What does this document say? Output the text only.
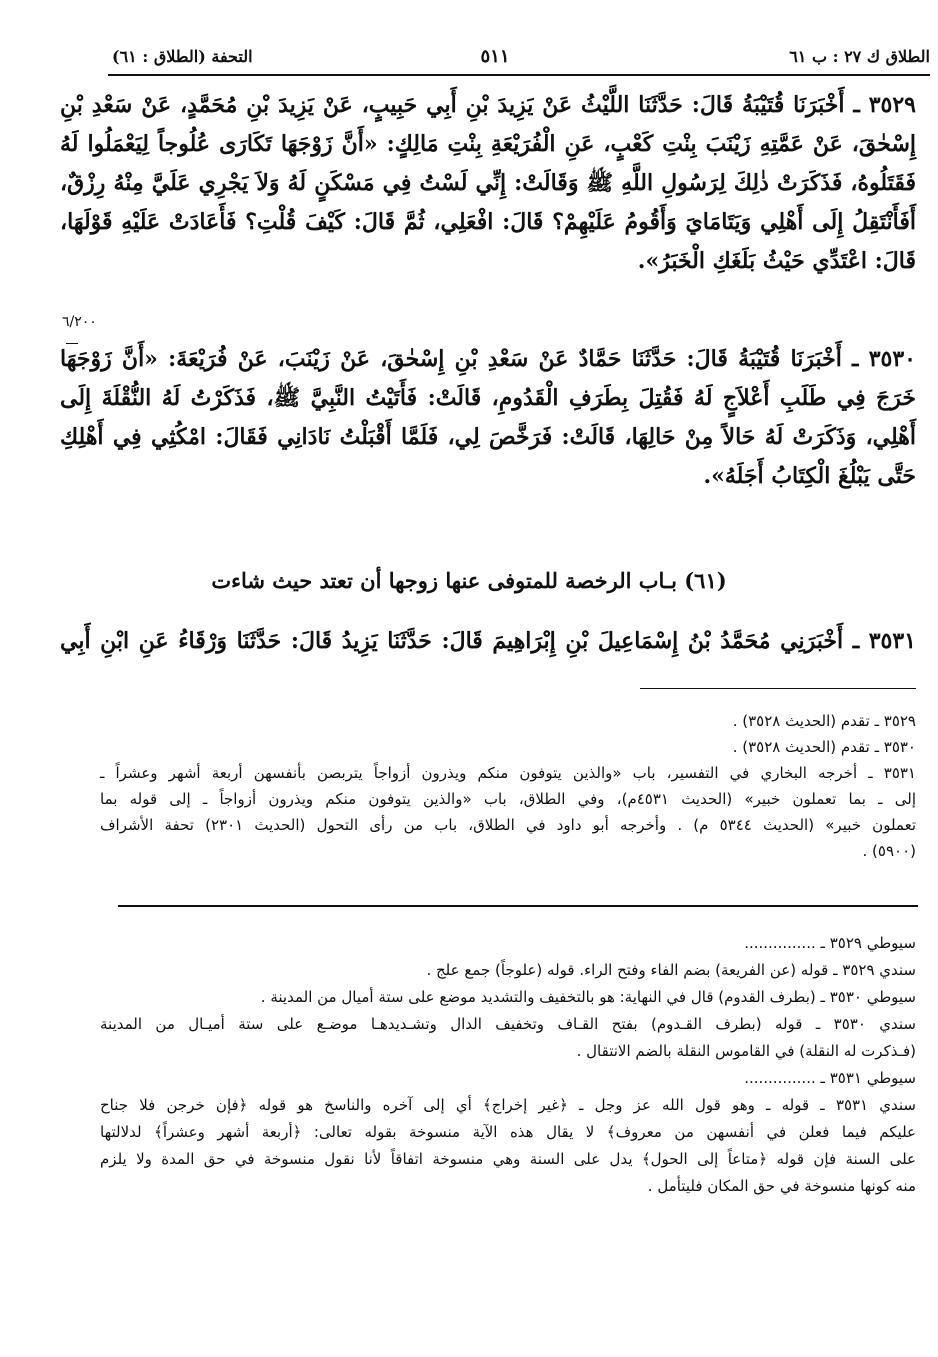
الطلاق ك ٢٧ : ب ٦١
٥١١
التحفة (الطلاق : ٦١)
٦/٢٠٠
٣٥٢٩ ـ أَخْبَرَنَا قُتَيْبَةُ قَالَ: حَدَّثَنَا اللَّيْثُ عَنْ يَزِيدَ بْنِ أَبِي حَبِيبٍ، عَنْ يَزِيدَ بْنِ مُحَمَّدٍ، عَنْ سَعْدِ بْنِ
إِسْحٰقَ، عَنْ عَمَّتِهِ زَيْنَبَ بِنْتِ كَعْبٍ، عَنِ الْفُرَيْعَةِ بِنْتِ مَالِكٍ: «أَنَّ زَوْجَهَا تَكَارَى عُلُوجاً لِيَعْمَلُوا لَهُ
فَقَتَلُوهُ، فَذَكَرَتْ ذٰلِكَ لِرَسُولِ اللَّهِ ﷺ وَقَالَتْ: إِنِّي لَسْتُ فِي مَسْكَنٍ لَهُ وَلاَ يَجْرِي عَلَيَّ مِنْهُ رِزْقٌ،
أَفَأَنْتَقِلُ إِلَى أَهْلِي وَيَتَامَايَ وَأَقُومُ عَلَيْهِمْ؟ قَالَ: افْعَلِي، ثُمَّ قَالَ: كَيْفَ قُلْتِ؟ فَأَعَادَتْ عَلَيْهِ قَوْلَهَا،
قَالَ: اعْتَدِّي حَيْثُ بَلَغَكِ الْخَبَرُ».
٣٥٣٠ ـ أَخْبَرَنَا قُتَيْبَةُ قَالَ: حَدَّثَنَا حَمَّادٌ عَنْ سَعْدِ بْنِ إِسْحٰقَ، عَنْ زَيْنَبَ، عَنْ فُرَيْعَةَ: «أَنَّ زَوْجَهَا
خَرَجَ فِي طَلَبِ أَعْلاَجٍ لَهُ فَقُتِلَ بِطَرَفِ الْقَدُومِ، قَالَتْ: فَأَتَيْتُ النَّبِيَّ ﷺ، فَذَكَرْتُ لَهُ النُّقْلَةَ إِلَى
أَهْلِي، وَذَكَرَتْ لَهُ حَالاً مِنْ حَالِهَا، قَالَتْ: فَرَخَّصَ لِي، فَلَمَّا أَقْبَلْتُ نَادَانِي فَقَالَ: امْكُثِي فِي أَهْلِكِ
حَتَّى يَبْلُغَ الْكِتَابُ أَجَلَهُ».
(٦١) بـاب الرخصة للمتوفى عنها زوجها أن تعتد حيث شاءت
٣٥٣١ ـ أَخْبَرَنِي مُحَمَّدُ بْنُ إِسْمَاعِيلَ بْنِ إِبْرَاهِيمَ قَالَ: حَدَّثَنَا يَزِيدُ قَالَ: حَدَّثَنَا وَرْقَاءُ عَنِ ابْنِ أَبِي
٣٥٢٩ ـ تقدم (الحديث ٣٥٢٨) .
٣٥٣٠ ـ تقدم (الحديث ٣٥٢٨) .
٣٥٣١ ـ أخرجه البخاري في التفسير، باب «والذين يتوفون منكم ويذرون أزواجاً يتربصن بأنفسهن أربعة أشهر وعشراً ـ
إلى ـ بما تعملون خبير» (الحديث ٤٥٣١م)، وفي الطلاق، باب «والذين يتوفون منكم ويذرون أزواجاً ـ إلى قوله بما
تعملون خبير» (الحديث ٥٣٤٤ م) . وأخرجه أبو داود في الطلاق، باب من رأى التحول (الحديث ٢٣٠١) تحفة الأشراف
(٥٩٠٠) .
سيوطي ٣٥٢٩ ـ ...............
سندي ٣٥٢٩ ـ قوله (عن الفريعة) بضم الفاء وفتح الراء. قوله (علوجاً) جمع علج .
سيوطي ٣٥٣٠ ـ (بطرف القدوم) قال في النهاية: هو بالتخفيف والتشديد موضع على ستة أميال من المدينة .
سندي ٣٥٣٠ ـ قوله (بطرف القـدوم) بفتح القـاف وتخفيف الدال وتشـديدهـا موضـع على ستة أميـال من المدينة
(فـذكرت له النقلة) في القاموس النقلة بالضم الانتقال .
سيوطي ٣٥٣١ ـ ...............
سندي ٣٥٣١ ـ قوله ـ وهو قول الله عز وجل ـ ﴿غير إخراج﴾ أي إلى آخره والناسخ هو قوله ﴿فإن خرجن فلا جناح
عليكم فيما فعلن في أنفسهن من معروف﴾ لا يقال هذه الآية منسوخة بقوله تعالى: ﴿أربعة أشهر وعشراً﴾ لدلالتها
على السنة فإن قوله ﴿متاعاً إلى الحول﴾ يدل على السنة وهي منسوخة اتفاقاً لأنا نقول منسوخة في حق المدة ولا يلزم
منه كونها منسوخة في حق المكان فليتأمل .
